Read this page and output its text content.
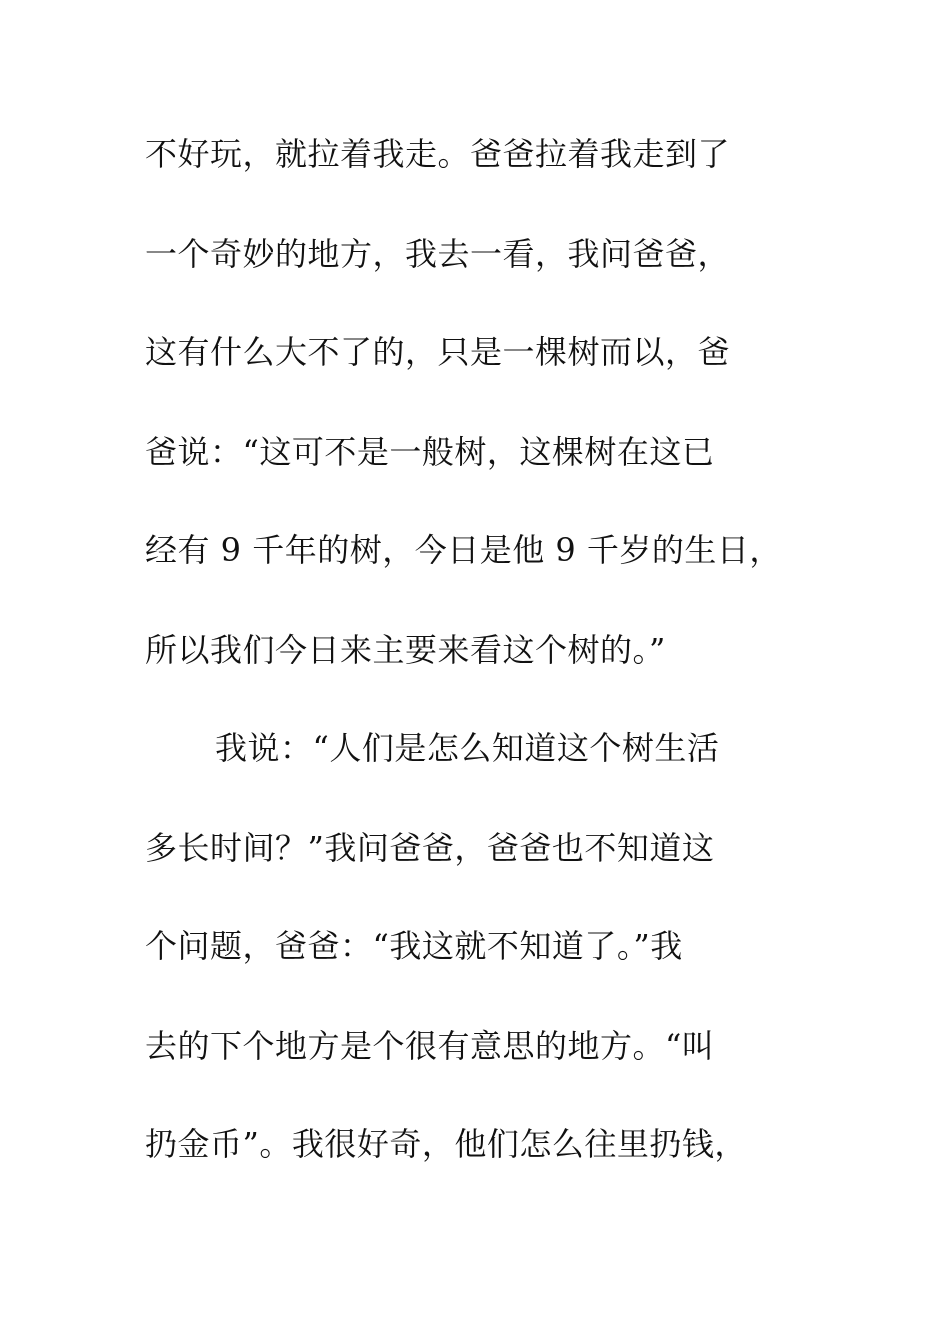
不好玩，就拉着我走。爸爸拉着我走到了
一个奇妙的地方，我去一看，我问爸爸，
这有什么大不了的，只是一棵树而以，爸
爸说：“这可不是一般树，这棵树在这已
经有 9 千年的树，今日是他 9 千岁的生日，
所以我们今日来主要来看这个树的。”
我说：“人们是怎么知道这个树生活
多长时间？”我问爸爸，爸爸也不知道这
个问题，爸爸：“我这就不知道了。”我
去的下个地方是个很有意思的地方。“叫
扔金币”。我很好奇，他们怎么往里扔钱，
